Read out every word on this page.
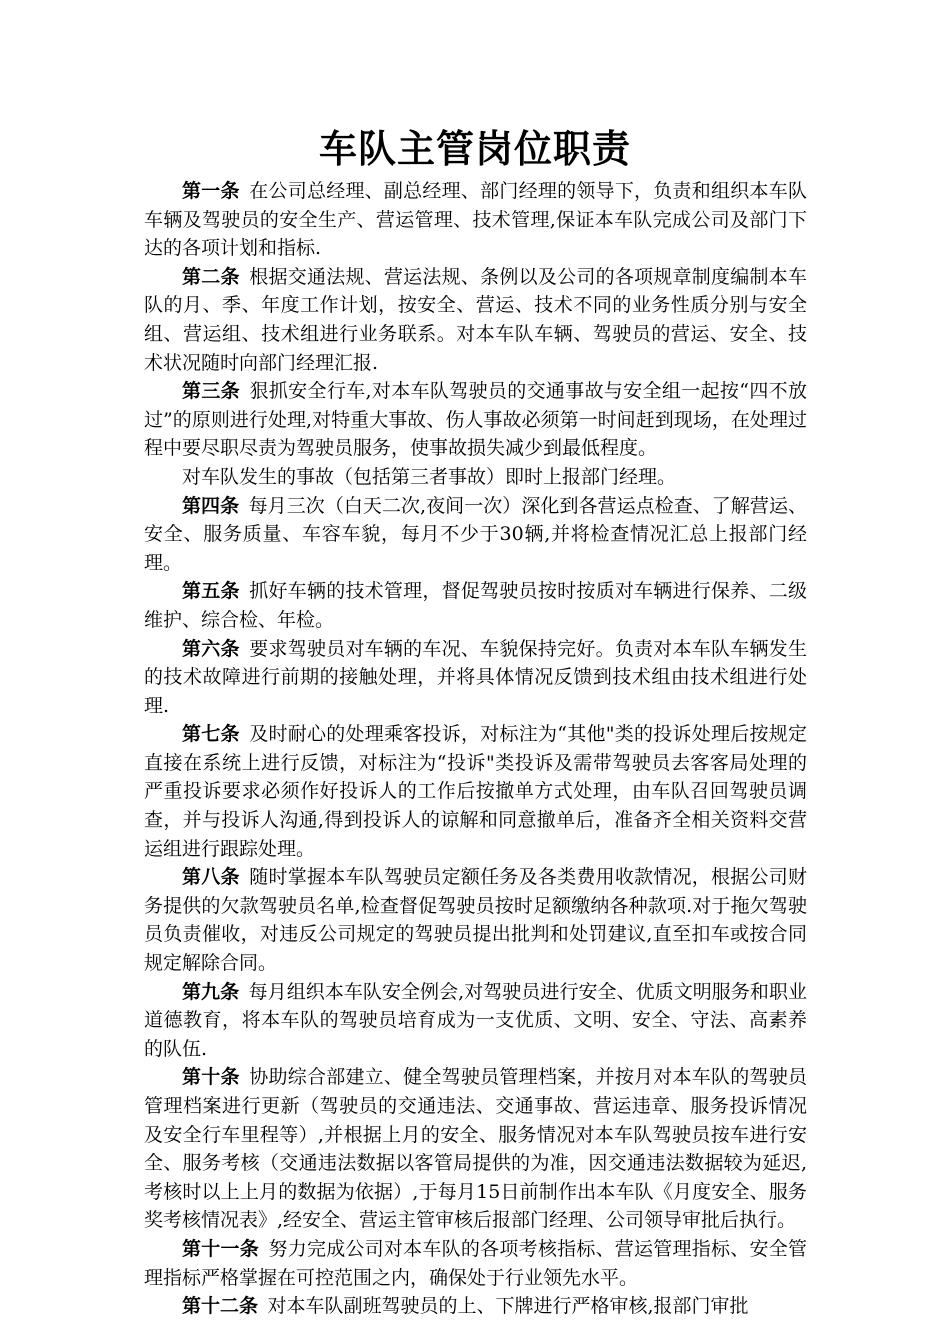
车队主管岗位职责

第一条 在公司总经理、副总经理、部门经理的领导下，负责和组织本车队车辆及驾驶员的安全生产、营运管理、技术管理,保证本车队完成公司及部门下达的各项计划和指标.

第二条 根据交通法规、营运法规、条例以及公司的各项规章制度编制本车队的月、季、年度工作计划，按安全、营运、技术不同的业务性质分别与安全组、营运组、技术组进行业务联系。对本车队车辆、驾驶员的营运、安全、技术状况随时向部门经理汇报.

第三条 狠抓安全行车,对本车队驾驶员的交通事故与安全组一起按“四不放过”的原则进行处理,对特重大事故、伤人事故必须第一时间赶到现场，在处理过程中要尽职尽责为驾驶员服务，使事故损失减少到最低程度。

对车队发生的事故（包括第三者事故）即时上报部门经理。

第四条 每月三次（白天二次,夜间一次）深化到各营运点检查、了解营运、安全、服务质量、车容车貌，每月不少于30辆,并将检查情况汇总上报部门经理。

第五条 抓好车辆的技术管理，督促驾驶员按时按质对车辆进行保养、二级维护、综合检、年检。

第六条 要求驾驶员对车辆的车况、车貌保持完好。负责对本车队车辆发生的技术故障进行前期的接触处理，并将具体情况反馈到技术组由技术组进行处理.

第七条 及时耐心的处理乘客投诉，对标注为“其他"类的投诉处理后按规定直接在系统上进行反馈，对标注为“投诉"类投诉及需带驾驶员去客客局处理的严重投诉要求必须作好投诉人的工作后按撤单方式处理，由车队召回驾驶员调查，并与投诉人沟通,得到投诉人的谅解和同意撤单后，准备齐全相关资料交营运组进行跟踪处理。

第八条 随时掌握本车队驾驶员定额任务及各类费用收款情况，根据公司财务提供的欠款驾驶员名单,检查督促驾驶员按时足额缴纳各种款项.对于拖欠驾驶员负责催收，对违反公司规定的驾驶员提出批判和处罚建议,直至扣车或按合同规定解除合同。

第九条 每月组织本车队安全例会,对驾驶员进行安全、优质文明服务和职业道德教育，将本车队的驾驶员培育成为一支优质、文明、安全、守法、高素养的队伍.

第十条 协助综合部建立、健全驾驶员管理档案，并按月对本车队的驾驶员管理档案进行更新（驾驶员的交通违法、交通事故、营运违章、服务投诉情况及安全行车里程等）,并根据上月的安全、服务情况对本车队驾驶员按车进行安全、服务考核（交通违法数据以客管局提供的为准，因交通违法数据较为延迟,考核时以上上月的数据为依据）,于每月15日前制作出本车队《月度安全、服务奖考核情况表》,经安全、营运主管审核后报部门经理、公司领导审批后执行。

第十一条 努力完成公司对本车队的各项考核指标、营运管理指标、安全管理指标严格掌握在可控范围之内，确保处于行业领先水平。

第十二条 对本车队副班驾驶员的上、下牌进行严格审核,报部门审批
